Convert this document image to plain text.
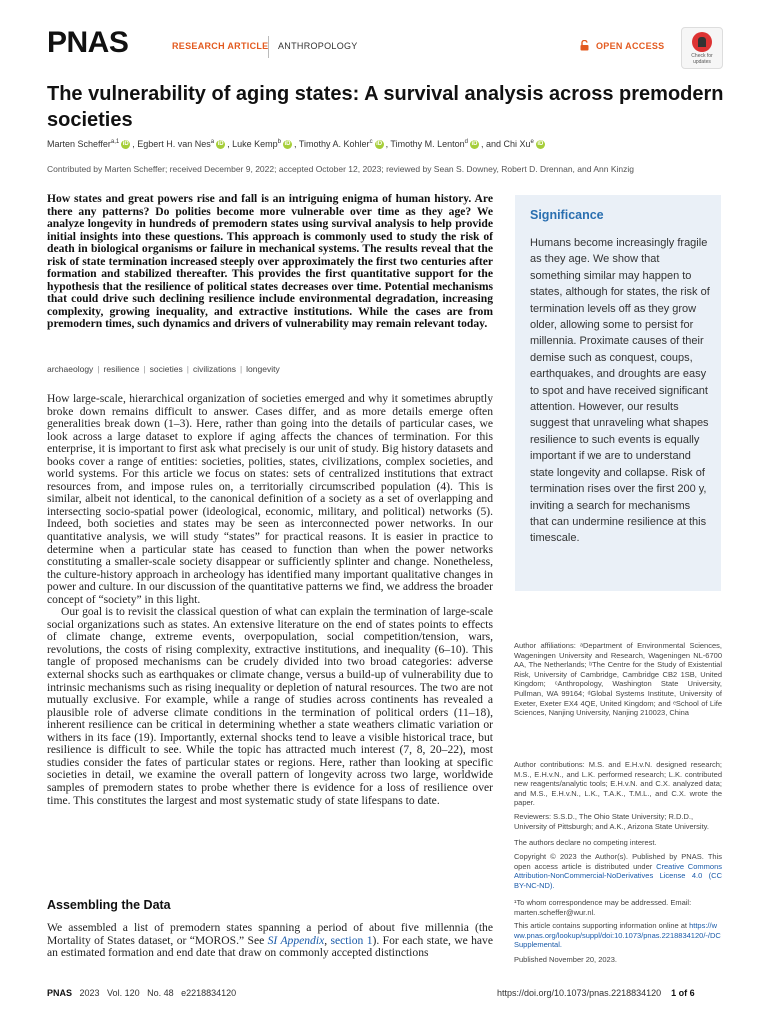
PNAS	RESEARCH ARTICLE ANTHROPOLOGY	OPEN ACCESS
Check for updates
The vulnerability of aging states: A survival analysis across premodern societies
Marten Scheffer$^{a,1}$ iD , Egbert H. van Nes$^a$ iD , Luke Kemp$^b$ iD , Timothy A. Kohler$^c$ iD , Timothy M. Lenton$^d$ iD , and Chi Xu$^e$ iD
Contributed by Marten Scheffer; received December 9, 2022; accepted October 12, 2023; reviewed by Sean S. Downey, Robert D. Drennan, and Ann Kinzig
How states and great powers rise and fall is an intriguing enigma of human history. Are there any patterns? Do polities become more vulnerable over time as they age? We analyze longevity in hundreds of premodern states using survival analysis to help provide initial insights into these questions. This approach is commonly used to study the risk of death in biological organisms or failure in mechanical systems. The results reveal that the risk of state termination increased steeply over approximately the first two centuries after formation and stabilized thereafter. This provides the first quantitative support for the hypothesis that the resilience of political states decreases over time. Potential mechanisms that could drive such declining resilience include environmental degradation, increasing complexity, growing inequality, and extractive institutions. While the cases are from premodern times, such dynamics and drivers of vulnerability may remain relevant today.
archaeology | resilience | societies | civilizations | longevity

How large-scale, hierarchical organization of societies emerged and why it sometimes abruptly broke down remains difficult to answer. Cases differ, and as more details emerge often generalities break down (1–3). Here, rather than going into the details of particular cases, we look across a large dataset to explore if aging affects the chances of termination. For this enterprise, it is important to first ask what precisely is our unit of study. Big history datasets and books cover a range of entities: societies, polities, states, civilizations, complex societies, and world systems. For this article we focus on states: sets of centralized institutions that extract resources from, and impose rules on, a territorially circumscribed population (4). This is similar, albeit not identical, to the canonical definition of a society as a set of overlapping and intersecting socio-spatial power (ideological, economic, military, and political) networks (5). Indeed, both societies and states may be seen as interconnected power networks. In our quantitative analysis, we will study “states” for practical reasons. It is easier in practice to determine when a particular state has ceased to function than when the power networks constituting a smaller-scale society disappear or sufficiently splinter and change. Nonetheless, the culture-history approach in archeology has identified many important qualitative changes in power and culture. In our discussion of the quantitative patterns we find, we address the broader concept of “society” in this light.

Our goal is to revisit the classical question of what can explain the termination of large-scale social organizations such as states. An extensive literature on the end of states points to effects of climate change, extreme events, overpopulation, social competition/tension, wars, revolutions, the costs of rising complexity, extractive institutions, and inequality (6–10). This tangle of proposed mechanisms can be crudely divided into two broad categories: adverse external shocks such as earthquakes or climate change, versus a build-up of vulnerability due to intrinsic mechanisms such as rising inequality or depletion of natural resources. The two are not mutually exclusive. For example, while a range of studies across continents has revealed a plausible role of adverse climate conditions in the termination of political orders (11–18), inherent resilience can be critical in determining whether a state weathers climatic variation or withers in its face (19). Importantly, external shocks tend to leave a visible historical trace, but resilience is difficult to see. While the topic has attracted much interest (7, 8, 20–22), most studies consider the fates of particular states or regions. Here, rather than looking at specific societies in detail, we examine the overall pattern of longevity across two large, worldwide samples of premodern states to probe whether there is evidence for a loss of resilience over time. This constitutes the largest and most systematic study of state lifespans to date.

Assembling the Data
We assembled a list of premodern states spanning a period of about five millennia (the Mortality of States dataset, or “MOROS.” See SI Appendix, section 1). For each state, we have an estimated formation and end date that draw on commonly accepted distinctions
Significance
Humans become increasingly fragile as they age. We show that something similar may happen to states, although for states, the risk of termination levels off as they grow older, allowing some to persist for millennia. Proximate causes of their demise such as conquest, coups, earthquakes, and droughts are easy to spot and have received significant attention. However, our results suggest that unraveling what shapes resilience to such events is equally important if we are to understand state longevity and collapse. Risk of termination rises over the first 200 y, inviting a search for mechanisms that can undermine resilience at this timescale.
Author affiliations: ᵃDepartment of Environmental Sciences, Wageningen University and Research, Wageningen NL-6700 AA, The Netherlands; ᵇThe Centre for the Study of Existential Risk, University of Cambridge, Cambridge CB2 1SB, United Kingdom; ᶜAnthropology, Washington State University, Pullman, WA 99164; ᵈGlobal Systems Institute, University of Exeter, Exeter EX4 4QE, United Kingdom; and ᵉSchool of Life Sciences, Nanjing University, Nanjing 210023, China
Author contributions: M.S. and E.H.v.N. designed research; M.S., E.H.v.N., and L.K. performed research; L.K. contributed new reagents/analytic tools; E.H.v.N. and C.X. analyzed data; and M.S., E.H.v.N., L.K., T.A.K., T.M.L., and C.X. wrote the paper.
Reviewers: S.S.D., The Ohio State University; R.D.D., University of Pittsburgh; and A.K., Arizona State University.
The authors declare no competing interest.
Copyright © 2023 the Author(s). Published by PNAS. This open access article is distributed under Creative Commons Attribution-NonCommercial-NoDerivatives License 4.0 (CC BY-NC-ND).
¹To whom correspondence may be addressed. Email: marten.scheffer@wur.nl.
This article contains supporting information online at https://www.pnas.org/lookup/suppl/doi:10.1073/pnas.2218834120/-/DCSupplemental.
Published November 20, 2023.
PNAS 2023   Vol. 120   No. 48   e2218834120	https://doi.org/10.1073/pnas.2218834120 1 of 6
